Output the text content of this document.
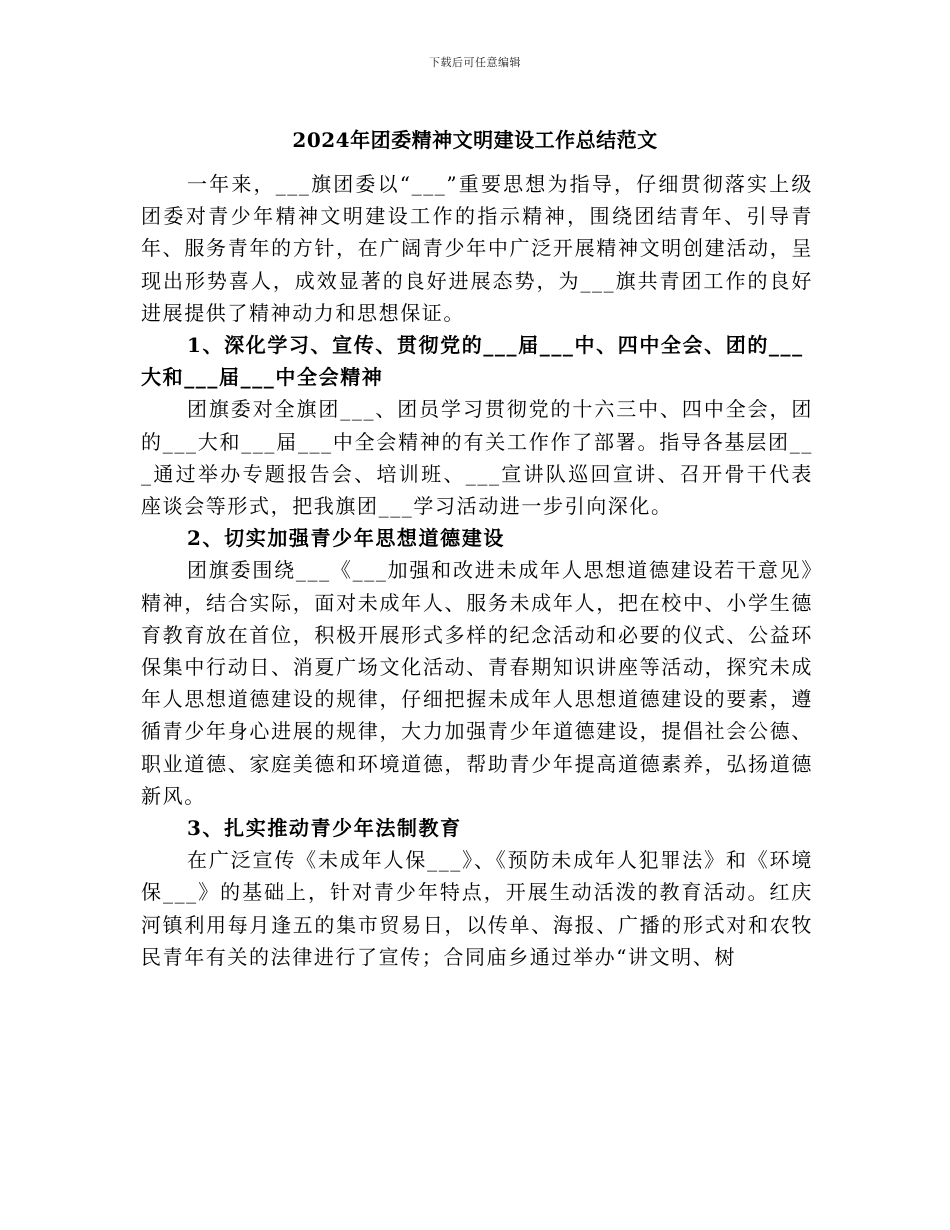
下载后可任意编辑
2024年团委精神文明建设工作总结范文

一年来，___旗团委以“___”重要思想为指导，仔细贯彻落实上级团委对青少年精神文明建设工作的指示精神，围绕团结青年、引导青年、服务青年的方针，在广阔青少年中广泛开展精神文明创建活动，呈现出形势喜人，成效显著的良好进展态势，为___旗共青团工作的良好进展提供了精神动力和思想保证。

1、深化学习、宣传、贯彻党的___届___中、四中全会、团的___大和___届___中全会精神

团旗委对全旗团___、团员学习贯彻党的十六三中、四中全会，团的___大和___届___中全会精神的有关工作作了部署。指导各基层团___通过举办专题报告会、培训班、___宣讲队巡回宣讲、召开骨干代表座谈会等形式，把我旗团___学习活动进一步引向深化。

2、切实加强青少年思想道德建设

团旗委围绕___《___加强和改进未成年人思想道德建设若干意见》精神，结合实际，面对未成年人、服务未成年人，把在校中、小学生德育教育放在首位，积极开展形式多样的纪念活动和必要的仪式、公益环保集中行动日、消夏广场文化活动、青春期知识讲座等活动，探究未成年人思想道德建设的规律，仔细把握未成年人思想道德建设的要素，遵循青少年身心进展的规律，大力加强青少年道德建设，提倡社会公德、职业道德、家庭美德和环境道德，帮助青少年提高道德素养，弘扬道德新风。

3、扎实推动青少年法制教育

在广泛宣传《未成年人保___》、《预防未成年人犯罪法》和《环境保___》的基础上，针对青少年特点，开展生动活泼的教育活动。红庆河镇利用每月逢五的集市贸易日，以传单、海报、广播的形式对和农牧民青年有关的法律进行了宣传；合同庙乡通过举办“讲文明、树
